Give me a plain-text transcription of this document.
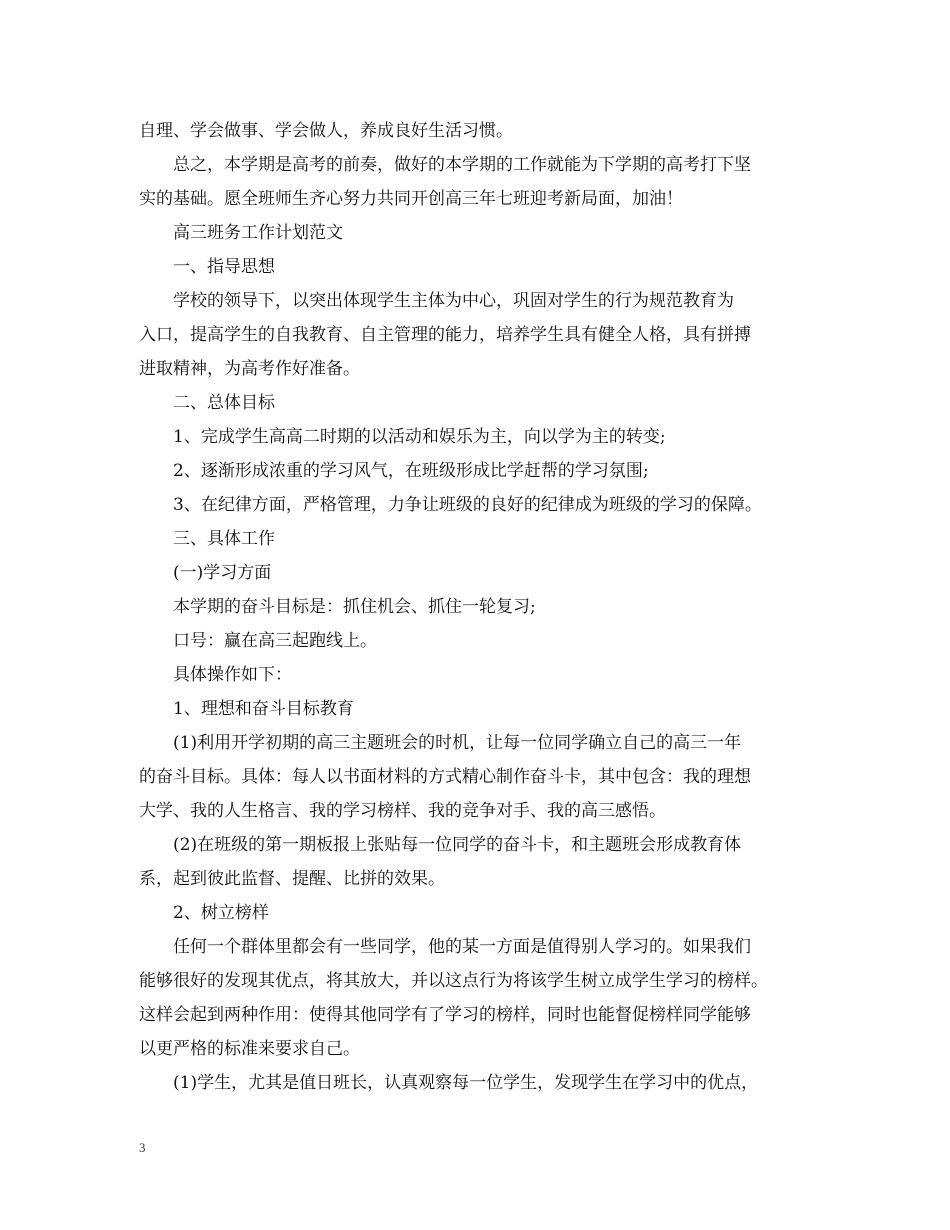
自理、学会做事、学会做人，养成良好生活习惯。
总之，本学期是高考的前奏，做好的本学期的工作就能为下学期的高考打下坚
实的基础。愿全班师生齐心努力共同开创高三年七班迎考新局面，加油！
高三班务工作计划范文
一、指导思想
学校的领导下，以突出体现学生主体为中心，巩固对学生的行为规范教育为
入口，提高学生的自我教育、自主管理的能力，培养学生具有健全人格，具有拼搏
进取精神，为高考作好准备。
二、总体目标
1、完成学生高高二时期的以活动和娱乐为主，向以学为主的转变;
2、逐渐形成浓重的学习风气，在班级形成比学赶帮的学习氛围;
3、在纪律方面，严格管理，力争让班级的良好的纪律成为班级的学习的保障。
三、具体工作
(一)学习方面
本学期的奋斗目标是：抓住机会、抓住一轮复习;
口号：赢在高三起跑线上。
具体操作如下：
1、理想和奋斗目标教育
(1)利用开学初期的高三主题班会的时机，让每一位同学确立自己的高三一年
的奋斗目标。具体：每人以书面材料的方式精心制作奋斗卡，其中包含：我的理想
大学、我的人生格言、我的学习榜样、我的竞争对手、我的高三感悟。
(2)在班级的第一期板报上张贴每一位同学的奋斗卡，和主题班会形成教育体
系，起到彼此监督、提醒、比拼的效果。
2、树立榜样
任何一个群体里都会有一些同学，他的某一方面是值得别人学习的。如果我们
能够很好的发现其优点，将其放大，并以这点行为将该学生树立成学生学习的榜样。
这样会起到两种作用：使得其他同学有了学习的榜样，同时也能督促榜样同学能够
以更严格的标准来要求自己。
(1)学生，尤其是值日班长，认真观察每一位学生，发现学生在学习中的优点，
3
